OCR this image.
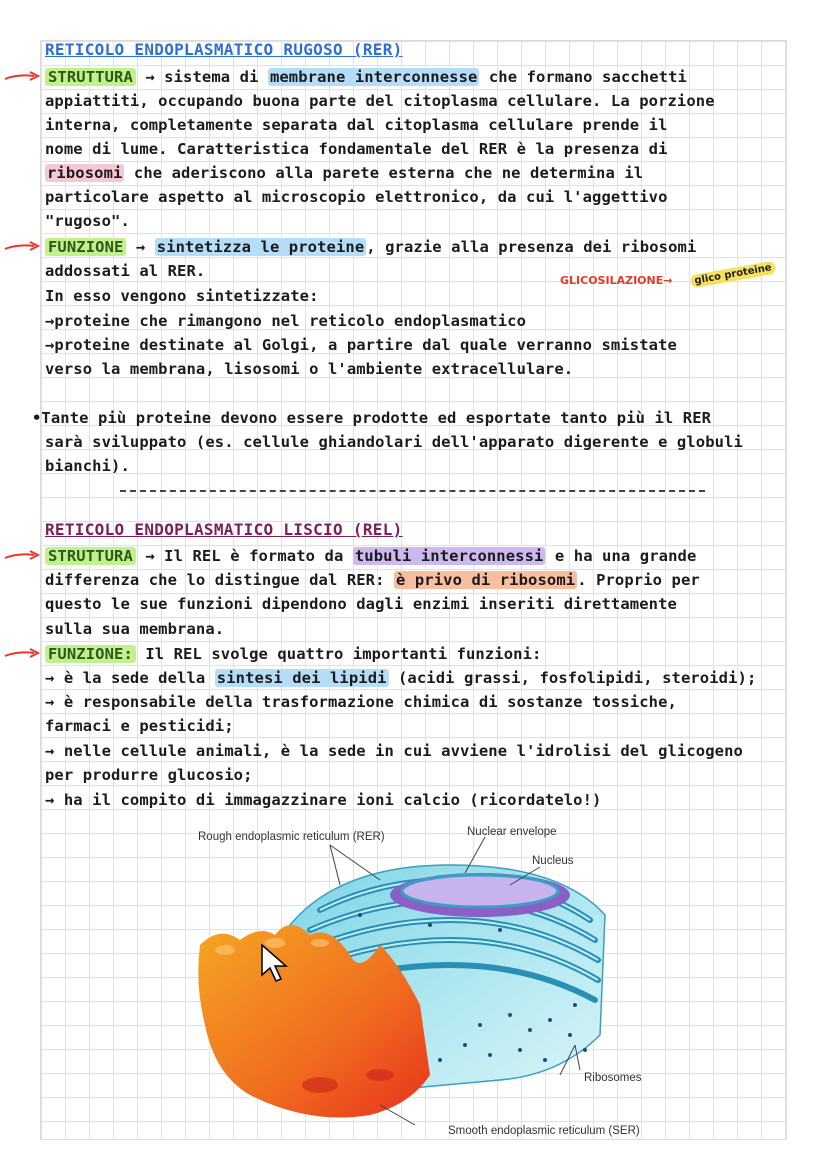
RETICOLO ENDOPLASMATICO RUGOSO (RER)
STRUTTURA → sistema di membrane interconnesse che formano sacchetti
appiattiti, occupando buona parte del citoplasma cellulare. La porzione
interna, completamente separata dal citoplasma cellulare prende il
nome di lume. Caratteristica fondamentale del RER è la presenza di
ribosomi che aderiscono alla parete esterna che ne determina il
particolare aspetto al microscopio elettronico, da cui l'aggettivo
"rugoso".
FUNZIONE → sintetizza le proteine , grazie alla presenza dei ribosomi
addossati al RER.
GLICOSILAZIONE→	glico proteine
In esso vengono sintetizzate:
→proteine che rimangono nel reticolo endoplasmatico
→proteine destinate al Golgi, a partire dal quale verranno smistate
verso la membrana, lisosomi o l'ambiente extracellulare.
•Tante più proteine devono essere prodotte ed esportate tanto più il RER
sarà sviluppato (es. cellule ghiandolari dell'apparato digerente e globuli
bianchi).
RETICOLO ENDOPLASMATICO LISCIO (REL)
STRUTTURA → Il REL è formato da tubuli interconnessi e ha una grande
differenza che lo distingue dal RER: è privo di ribosomi . Proprio per
questo le sue funzioni dipendono dagli enzimi inseriti direttamente
sulla sua membrana.
FUNZIONE: Il REL svolge quattro importanti funzioni:
→ è la sede della sintesi dei lipidi (acidi grassi, fosfolipidi, steroidi);
→ è responsabile della trasformazione chimica di sostanze tossiche,
farmaci e pesticidi;
→ nelle cellule animali, è la sede in cui avviene l'idrolisi del glicogeno
per produrre glucosio;
→ ha il compito di immagazzinare ioni calcio (ricordatelo!)
Rough endoplasmic reticulum (RER)	Nuclear envelope
Nucleus
Ribosomes
Smooth endoplasmic reticulum (SER)
